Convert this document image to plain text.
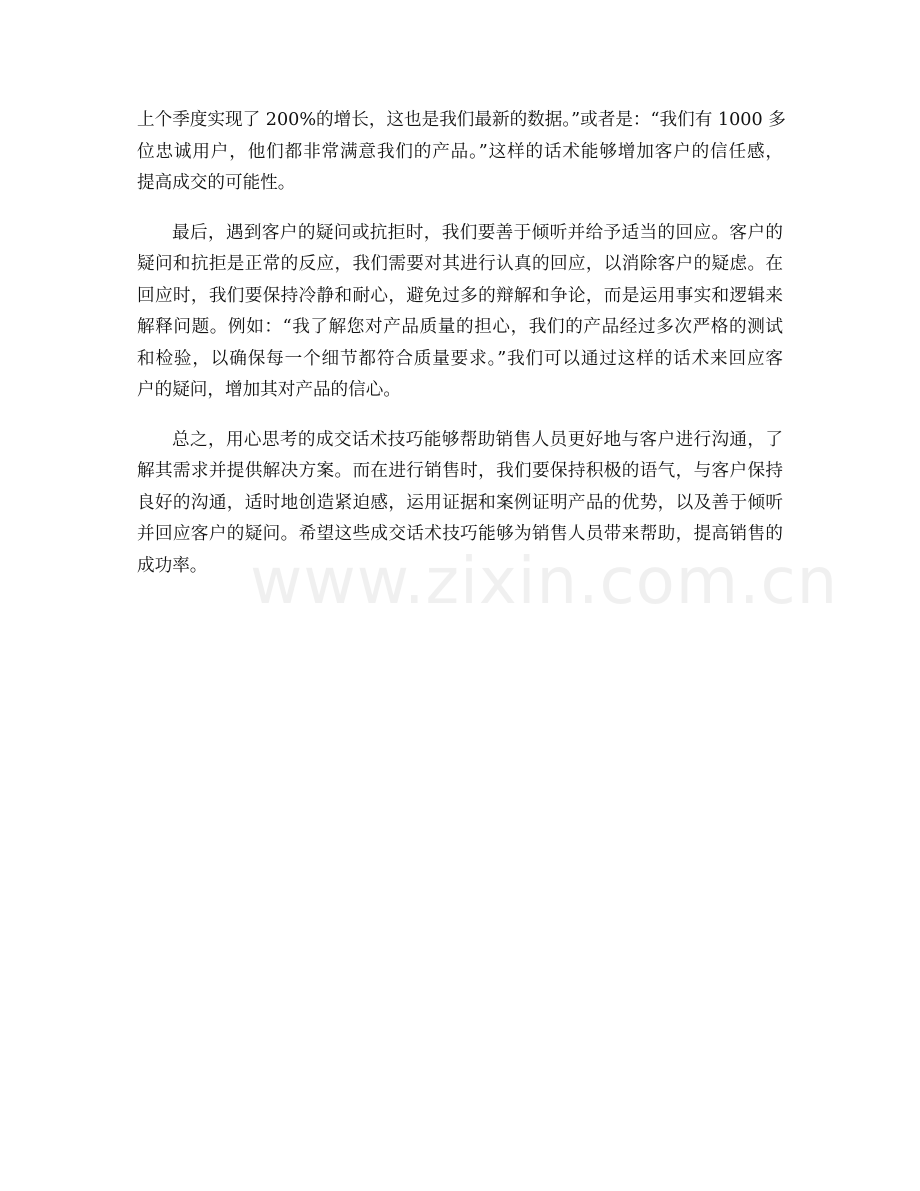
上个季度实现了 200%的增长，这也是我们最新的数据。”或者是：“我们有 1000 多
位忠诚用户，他们都非常满意我们的产品。”这样的话术能够增加客户的信任感，
提高成交的可能性。
最后，遇到客户的疑问或抗拒时，我们要善于倾听并给予适当的回应。客户的
疑问和抗拒是正常的反应，我们需要对其进行认真的回应，以消除客户的疑虑。在
回应时，我们要保持冷静和耐心，避免过多的辩解和争论，而是运用事实和逻辑来
解释问题。例如：“我了解您对产品质量的担心，我们的产品经过多次严格的测试
和检验，以确保每一个细节都符合质量要求。”我们可以通过这样的话术来回应客
户的疑问，增加其对产品的信心。
总之，用心思考的成交话术技巧能够帮助销售人员更好地与客户进行沟通，了
解其需求并提供解决方案。而在进行销售时，我们要保持积极的语气，与客户保持
良好的沟通，适时地创造紧迫感，运用证据和案例证明产品的优势，以及善于倾听
并回应客户的疑问。希望这些成交话术技巧能够为销售人员带来帮助，提高销售的
成功率。 www.zixin.com.cn
